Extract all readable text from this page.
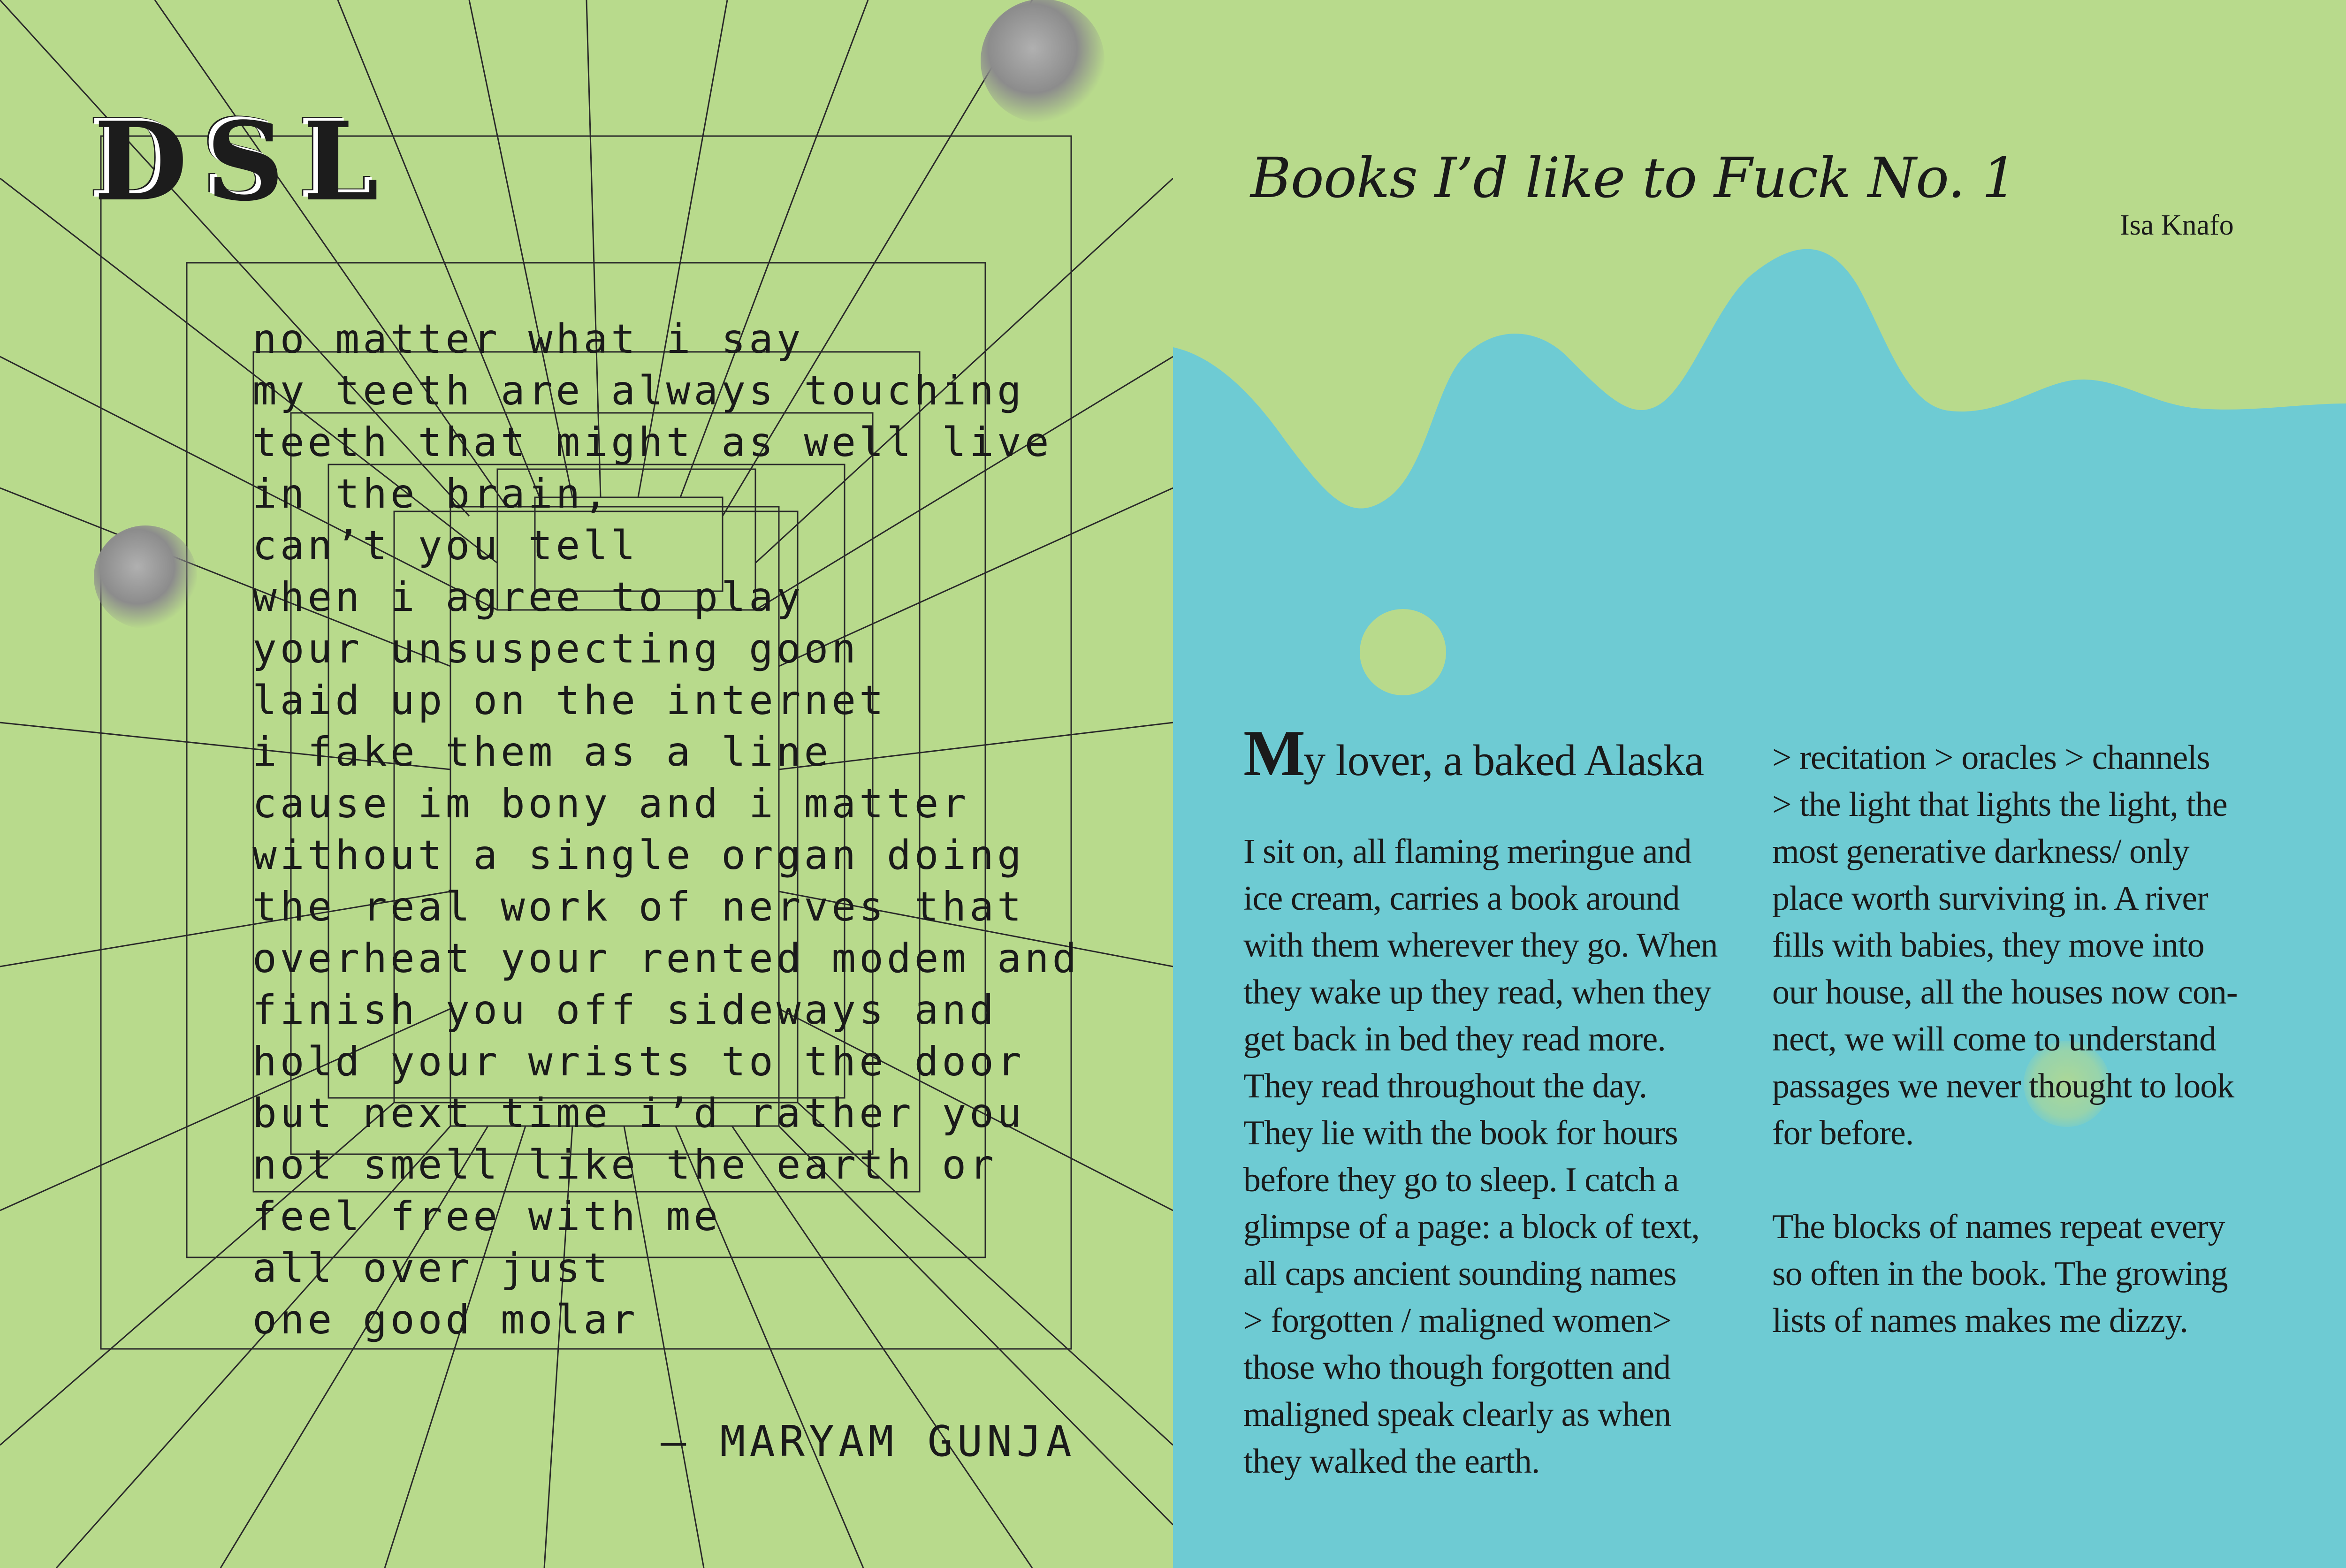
DSL
no matter what i say
my teeth are always touching
teeth that might as well live
in the brain,
can’t you tell
when i agree to play
your unsuspecting goon
laid up on the internet
i fake them as a line
cause im bony and i matter
without a single organ doing
the real work of nerves that
overheat your rented modem and
finish you off sideways and
hold your wrists to the door
but next time i’d rather you
not smell like the earth or
feel free with me
all over just
one good molar
— MARYAM GUNJA
Books I’d like to Fuck No. 1
Isa Knafo
My lover, a baked Alaska
I sit on, all flaming meringue and
ice cream, carries a book around
with them wherever they go. When
they wake up they read, when they
get back in bed they read more.
They read throughout the day.
They lie with the book for hours
before they go to sleep. I catch a
glimpse of a page: a block of text,
all caps ancient sounding names
> forgotten / maligned women>
those who though forgotten and
maligned speak clearly as when
they walked the earth.
> recitation > oracles > channels
> the light that lights the light, the
most generative darkness/ only
place worth surviving in. A river
fills with babies, they move into
our house, all the houses now con-
nect, we will come to understand
passages we never thought to look
for before.
The blocks of names repeat every
so often in the book. The growing
lists of names makes me dizzy.
